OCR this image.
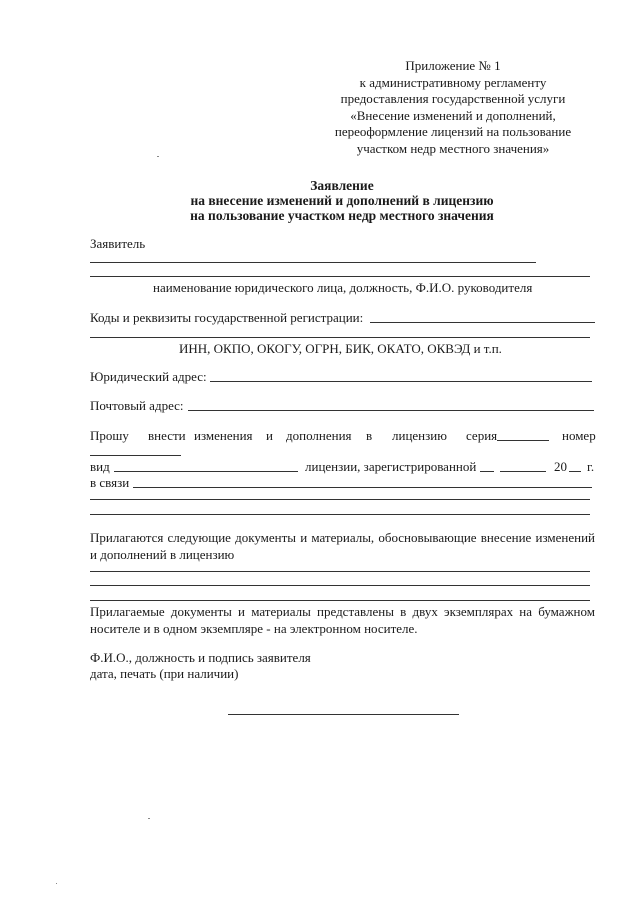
Приложение № 1
к административному регламенту
предоставления государственной услуги
«Внесение изменений и дополнений,
переоформление лицензий на пользование
участком недр местного значения»
Заявление
на внесение изменений и дополнений в лицензию
на пользование участком недр местного значения
Заявитель
наименование юридического лица, должность, Ф.И.О. руководителя
Коды и реквизиты государственной регистрации:
ИНН, ОКПО, ОКОГУ, ОГРН, БИК, ОКАТО, ОКВЭД и т.п.
Юридический адрес:
Почтовый адрес:
Прошу внести изменения и дополнения в лицензию серия	номер
вид	лицензии, зарегистрированной	20 г.
в связи
Прилагаются следующие документы и материалы, обосновывающие внесение изменений
и дополнений в лицензию
Прилагаемые документы и материалы представлены в двух экземплярах на бумажном
носителе и в одном экземпляре - на электронном носителе.
Ф.И.О., должность и подпись заявителя
дата, печать (при наличии)
